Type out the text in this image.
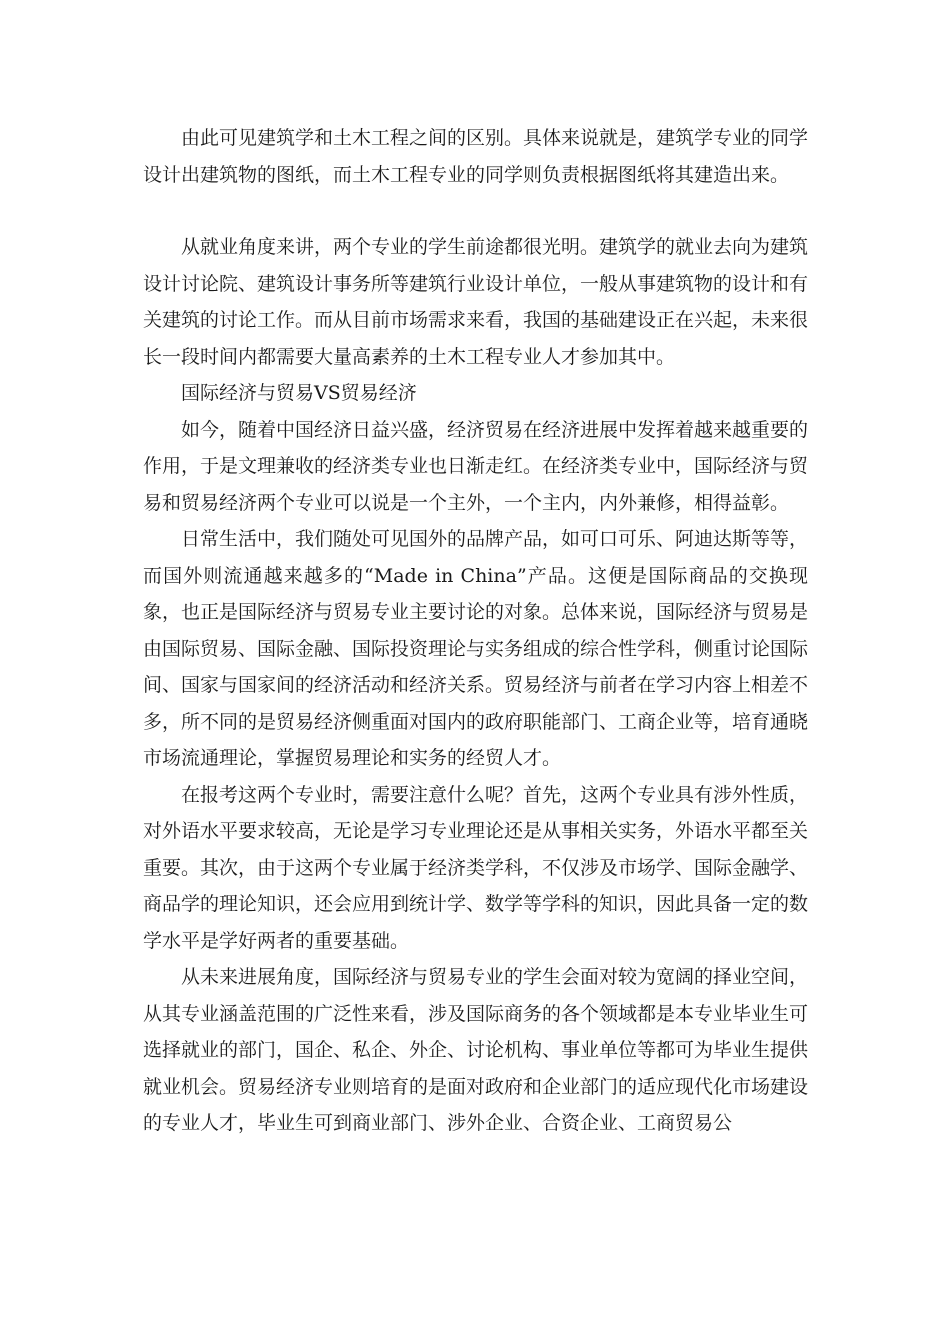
由此可见建筑学和土木工程之间的区别。具体来说就是，建筑学专业的同学设计出建筑物的图纸，而土木工程专业的同学则负责根据图纸将其建造出来。

从就业角度来讲，两个专业的学生前途都很光明。建筑学的就业去向为建筑设计讨论院、建筑设计事务所等建筑行业设计单位，一般从事建筑物的设计和有关建筑的讨论工作。而从目前市场需求来看，我国的基础建设正在兴起，未来很长一段时间内都需要大量高素养的土木工程专业人才参加其中。

国际经济与贸易VS贸易经济

如今，随着中国经济日益兴盛，经济贸易在经济进展中发挥着越来越重要的作用，于是文理兼收的经济类专业也日渐走红。在经济类专业中，国际经济与贸易和贸易经济两个专业可以说是一个主外，一个主内，内外兼修，相得益彰。

日常生活中，我们随处可见国外的品牌产品，如可口可乐、阿迪达斯等等，而国外则流通越来越多的“Made in China”产品。这便是国际商品的交换现象，也正是国际经济与贸易专业主要讨论的对象。总体来说，国际经济与贸易是由国际贸易、国际金融、国际投资理论与实务组成的综合性学科，侧重讨论国际间、国家与国家间的经济活动和经济关系。贸易经济与前者在学习内容上相差不多，所不同的是贸易经济侧重面对国内的政府职能部门、工商企业等，培育通晓市场流通理论，掌握贸易理论和实务的经贸人才。

在报考这两个专业时，需要注意什么呢？首先，这两个专业具有涉外性质，对外语水平要求较高，无论是学习专业理论还是从事相关实务，外语水平都至关重要。其次，由于这两个专业属于经济类学科，不仅涉及市场学、国际金融学、商品学的理论知识，还会应用到统计学、数学等学科的知识，因此具备一定的数学水平是学好两者的重要基础。

从未来进展角度，国际经济与贸易专业的学生会面对较为宽阔的择业空间，从其专业涵盖范围的广泛性来看，涉及国际商务的各个领域都是本专业毕业生可选择就业的部门，国企、私企、外企、讨论机构、事业单位等都可为毕业生提供就业机会。贸易经济专业则培育的是面对政府和企业部门的适应现代化市场建设的专业人才，毕业生可到商业部门、涉外企业、合资企业、工商贸易公
